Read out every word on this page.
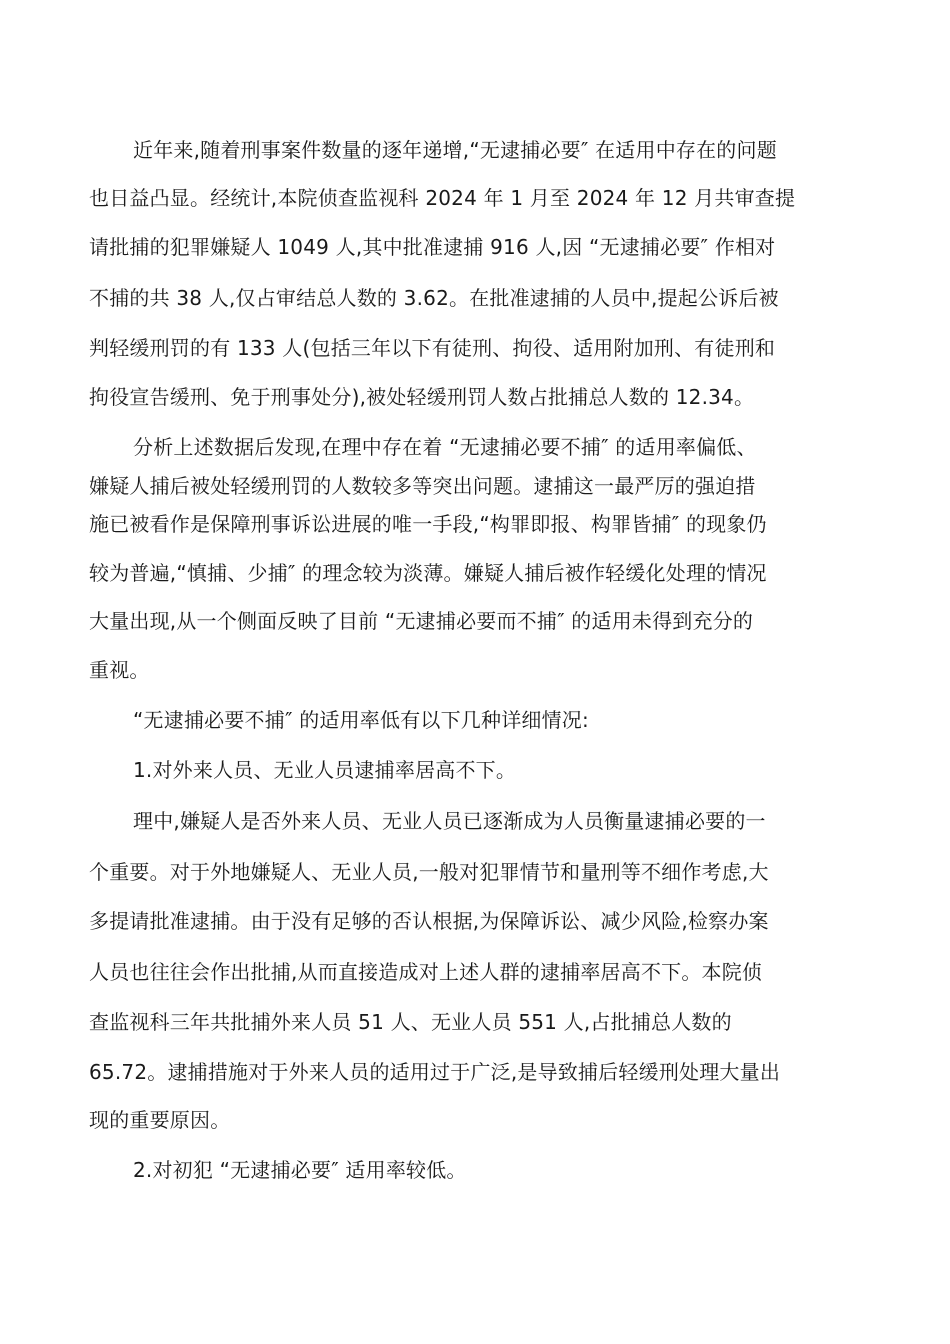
近年来,随着刑事案件数量的逐年递增,“无逮捕必要″ 在适用中存在的问题
也日益凸显。经统计,本院侦查监视科 2024 年 1 月至 2024 年 12 月共审查提
请批捕的犯罪嫌疑人 1049 人,其中批准逮捕 916 人,因 “无逮捕必要″ 作相对
不捕的共 38 人,仅占审结总人数的 3.62。在批准逮捕的人员中,提起公诉后被
判轻缓刑罚的有 133 人(包括三年以下有徒刑、拘役、适用附加刑、有徒刑和
拘役宣告缓刑、免于刑事处分),被处轻缓刑罚人数占批捕总人数的 12.34。
分析上述数据后发现,在理中存在着 “无逮捕必要不捕″ 的适用率偏低、
嫌疑人捕后被处轻缓刑罚的人数较多等突出问题。逮捕这一最严厉的强迫措
施已被看作是保障刑事诉讼进展的唯一手段,“构罪即报、构罪皆捕″ 的现象仍
较为普遍,“慎捕、少捕″ 的理念较为淡薄。嫌疑人捕后被作轻缓化处理的情况
大量出现,从一个侧面反映了目前 “无逮捕必要而不捕″ 的适用未得到充分的
重视。
“无逮捕必要不捕″ 的适用率低有以下几种详细情况:
1.对外来人员、无业人员逮捕率居高不下。
理中,嫌疑人是否外来人员、无业人员已逐渐成为人员衡量逮捕必要的一
个重要。对于外地嫌疑人、无业人员,一般对犯罪情节和量刑等不细作考虑,大
多提请批准逮捕。由于没有足够的否认根据,为保障诉讼、减少风险,检察办案
人员也往往会作出批捕,从而直接造成对上述人群的逮捕率居高不下。本院侦
查监视科三年共批捕外来人员 51 人、无业人员 551 人,占批捕总人数的
65.72。逮捕措施对于外来人员的适用过于广泛,是导致捕后轻缓刑处理大量出
现的重要原因。
2.对初犯 “无逮捕必要″ 适用率较低。
